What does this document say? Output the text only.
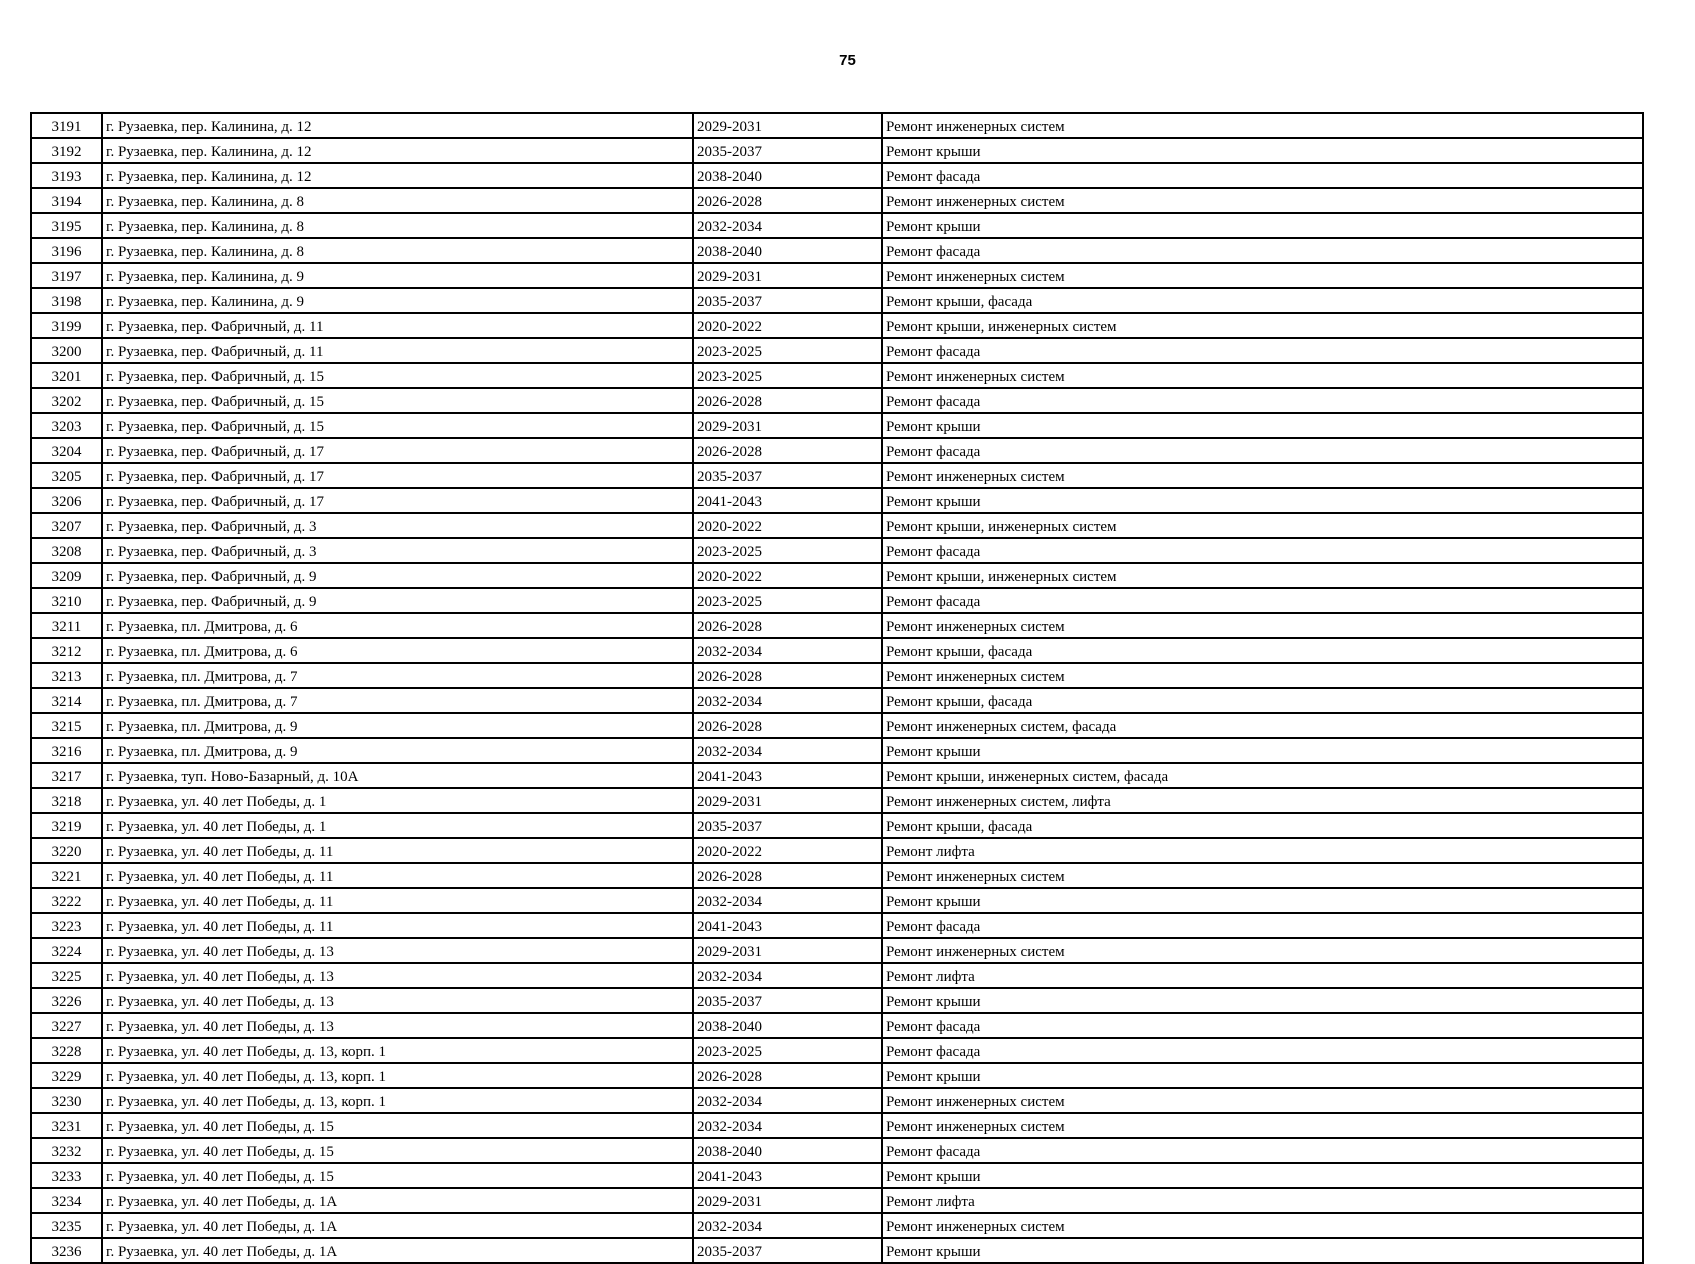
75
3191	г. Рузаевка, пер. Калинина, д. 12	2029-2031	Ремонт инженерных систем
3192	г. Рузаевка, пер. Калинина, д. 12	2035-2037	Ремонт крыши
3193	г. Рузаевка, пер. Калинина, д. 12	2038-2040	Ремонт фасада
3194	г. Рузаевка, пер. Калинина, д. 8	2026-2028	Ремонт инженерных систем
3195	г. Рузаевка, пер. Калинина, д. 8	2032-2034	Ремонт крыши
3196	г. Рузаевка, пер. Калинина, д. 8	2038-2040	Ремонт фасада
3197	г. Рузаевка, пер. Калинина, д. 9	2029-2031	Ремонт инженерных систем
3198	г. Рузаевка, пер. Калинина, д. 9	2035-2037	Ремонт крыши, фасада
3199	г. Рузаевка, пер. Фабричный, д. 11	2020-2022	Ремонт крыши, инженерных систем
3200	г. Рузаевка, пер. Фабричный, д. 11	2023-2025	Ремонт фасада
3201	г. Рузаевка, пер. Фабричный, д. 15	2023-2025	Ремонт инженерных систем
3202	г. Рузаевка, пер. Фабричный, д. 15	2026-2028	Ремонт фасада
3203	г. Рузаевка, пер. Фабричный, д. 15	2029-2031	Ремонт крыши
3204	г. Рузаевка, пер. Фабричный, д. 17	2026-2028	Ремонт фасада
3205	г. Рузаевка, пер. Фабричный, д. 17	2035-2037	Ремонт инженерных систем
3206	г. Рузаевка, пер. Фабричный, д. 17	2041-2043	Ремонт крыши
3207	г. Рузаевка, пер. Фабричный, д. 3	2020-2022	Ремонт крыши, инженерных систем
3208	г. Рузаевка, пер. Фабричный, д. 3	2023-2025	Ремонт фасада
3209	г. Рузаевка, пер. Фабричный, д. 9	2020-2022	Ремонт крыши, инженерных систем
3210	г. Рузаевка, пер. Фабричный, д. 9	2023-2025	Ремонт фасада
3211	г. Рузаевка, пл. Дмитрова, д. 6	2026-2028	Ремонт инженерных систем
3212	г. Рузаевка, пл. Дмитрова, д. 6	2032-2034	Ремонт крыши, фасада
3213	г. Рузаевка, пл. Дмитрова, д. 7	2026-2028	Ремонт инженерных систем
3214	г. Рузаевка, пл. Дмитрова, д. 7	2032-2034	Ремонт крыши, фасада
3215	г. Рузаевка, пл. Дмитрова, д. 9	2026-2028	Ремонт инженерных систем, фасада
3216	г. Рузаевка, пл. Дмитрова, д. 9	2032-2034	Ремонт крыши
3217	г. Рузаевка, туп. Ново-Базарный, д. 10А	2041-2043	Ремонт крыши, инженерных систем, фасада
3218	г. Рузаевка, ул. 40 лет Победы, д. 1	2029-2031	Ремонт инженерных систем, лифта
3219	г. Рузаевка, ул. 40 лет Победы, д. 1	2035-2037	Ремонт крыши, фасада
3220	г. Рузаевка, ул. 40 лет Победы, д. 11	2020-2022	Ремонт лифта
3221	г. Рузаевка, ул. 40 лет Победы, д. 11	2026-2028	Ремонт инженерных систем
3222	г. Рузаевка, ул. 40 лет Победы, д. 11	2032-2034	Ремонт крыши
3223	г. Рузаевка, ул. 40 лет Победы, д. 11	2041-2043	Ремонт фасада
3224	г. Рузаевка, ул. 40 лет Победы, д. 13	2029-2031	Ремонт инженерных систем
3225	г. Рузаевка, ул. 40 лет Победы, д. 13	2032-2034	Ремонт лифта
3226	г. Рузаевка, ул. 40 лет Победы, д. 13	2035-2037	Ремонт крыши
3227	г. Рузаевка, ул. 40 лет Победы, д. 13	2038-2040	Ремонт фасада
3228	г. Рузаевка, ул. 40 лет Победы, д. 13, корп. 1	2023-2025	Ремонт фасада
3229	г. Рузаевка, ул. 40 лет Победы, д. 13, корп. 1	2026-2028	Ремонт крыши
3230	г. Рузаевка, ул. 40 лет Победы, д. 13, корп. 1	2032-2034	Ремонт инженерных систем
3231	г. Рузаевка, ул. 40 лет Победы, д. 15	2032-2034	Ремонт инженерных систем
3232	г. Рузаевка, ул. 40 лет Победы, д. 15	2038-2040	Ремонт фасада
3233	г. Рузаевка, ул. 40 лет Победы, д. 15	2041-2043	Ремонт крыши
3234	г. Рузаевка, ул. 40 лет Победы, д. 1А	2029-2031	Ремонт лифта
3235	г. Рузаевка, ул. 40 лет Победы, д. 1А	2032-2034	Ремонт инженерных систем
3236	г. Рузаевка, ул. 40 лет Победы, д. 1А	2035-2037	Ремонт крыши
